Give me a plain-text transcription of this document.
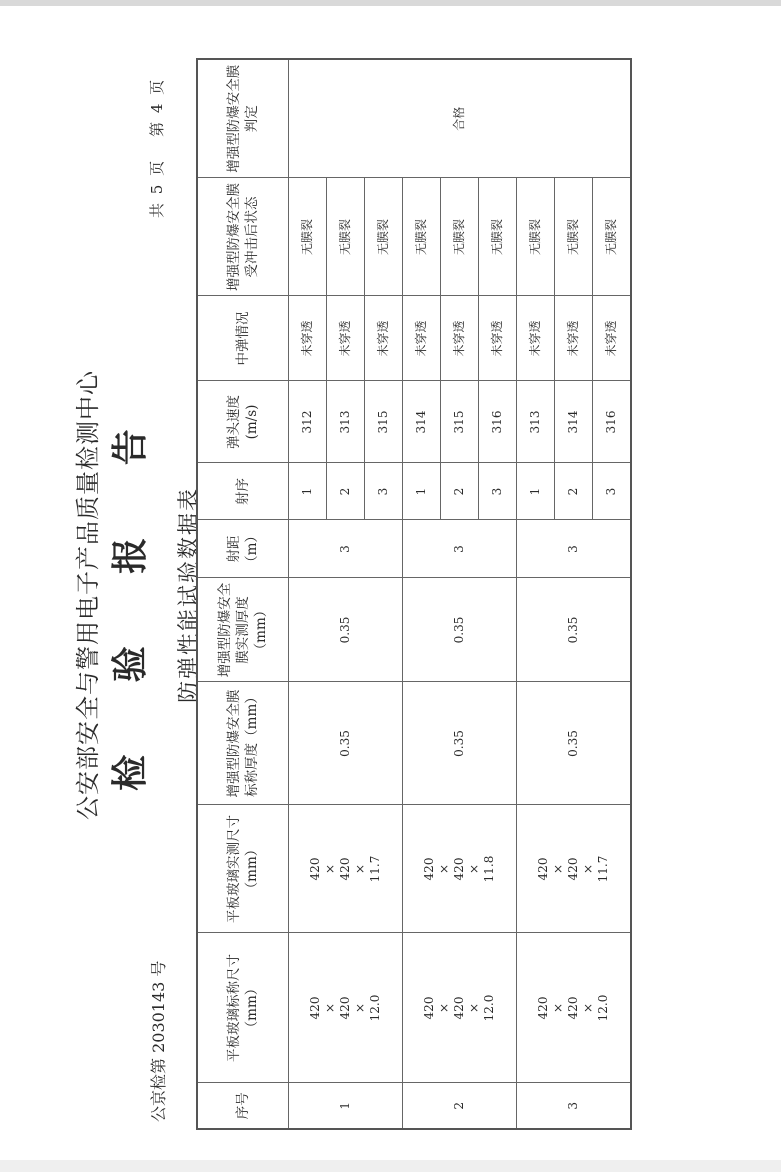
公安部安全与警用电子产品质量检测中心 检 验 报 告
公京检第 2030143 号
共 5 页第 4 页
防弹性能试验数据表
序号	平板玻璃标称尺寸（mm）	平板玻璃实测尺寸（mm）	增强型防爆安全膜标称厚度（mm）	增强型防爆安全膜实测厚度（mm）	射距（m）	射序	弹头速度(m/s)	中弹情况	增强型防爆安全膜受冲击后状态	增强型防爆安全膜判定
1	420 × 420 × 12.0	420 × 420 × 11.7	0.35	0.35	3	1	312	未穿透	无膜裂	合格
						2	313	未穿透	无膜裂	
						3	315	未穿透	无膜裂	
2	420 × 420 × 12.0	420 × 420 × 11.8	0.35	0.35	3	1	314	未穿透	无膜裂	
						2	315	未穿透	无膜裂	
						3	316	未穿透	无膜裂	
3	420 × 420 × 12.0	420 × 420 × 11.7	0.35	0.35	3	1	313	未穿透	无膜裂	
						2	314	未穿透	无膜裂	
						3	316	未穿透	无膜裂	
